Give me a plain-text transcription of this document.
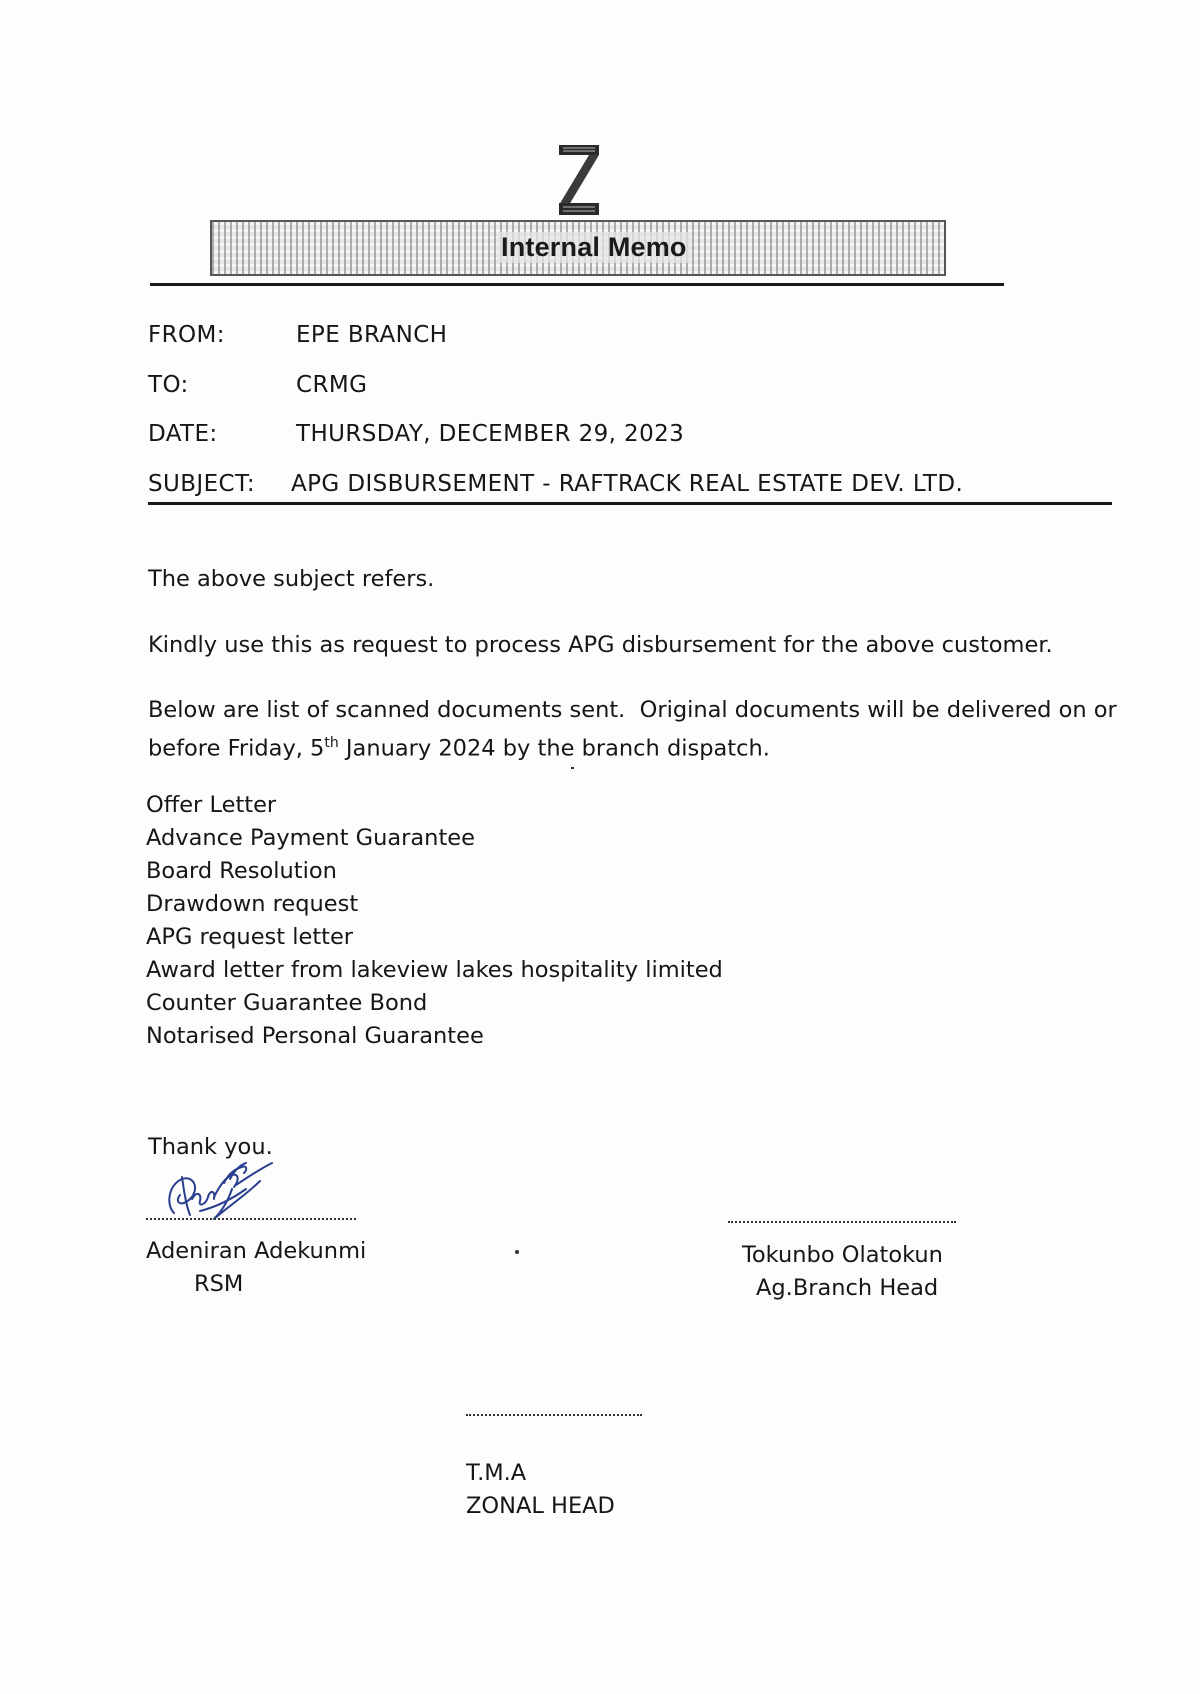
Internal Memo
FROM:	EPE BRANCH
TO:	CRMG
DATE:	THURSDAY, DECEMBER 29, 2023
SUBJECT: APG DISBURSEMENT - RAFTRACK REAL ESTATE DEV. LTD.
The above subject refers.
Kindly use this as request to process APG disbursement for the above customer.
Below are list of scanned documents sent.  Original documents will be delivered on or
before Friday, 5th January 2024 by the branch dispatch.
Offer Letter
Advance Payment Guarantee
Board Resolution
Drawdown request
APG request letter
Award letter from lakeview lakes hospitality limited
Counter Guarantee Bond
Notarised Personal Guarantee
Thank you.
Adeniran Adekunmi
RSM
Tokunbo Olatokun
Ag.Branch Head
T.M.A
ZONAL HEAD
